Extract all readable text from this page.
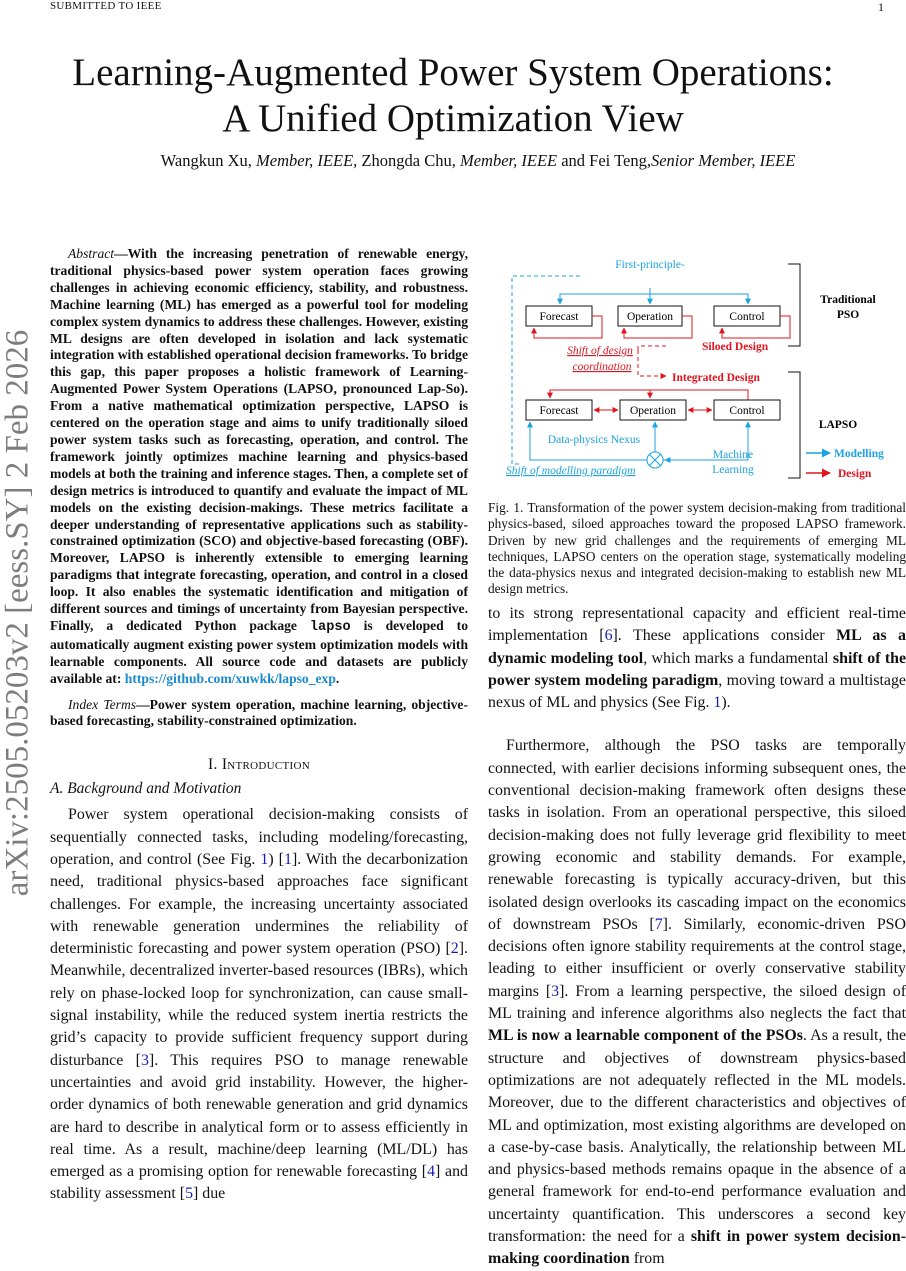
SUBMITTED TO IEEE	1
arXiv:2505.05203v2 [eess.SY] 2 Feb 2026
Learning-Augmented Power System Operations:
A Unified Optimization View
Wangkun Xu, Member, IEEE, Zhongda Chu, Member, IEEE and Fei Teng,Senior Member, IEEE

Abstract—With the increasing penetration of renewable energy, traditional physics-based power system operation faces growing challenges in achieving economic efficiency, stability, and robustness. Machine learning (ML) has emerged as a powerful tool for modeling complex system dynamics to address these challenges. However, existing ML designs are often developed in isolation and lack systematic integration with established operational decision frameworks. To bridge this gap, this paper proposes a holistic framework of Learning-Augmented Power System Operations (LAPSO, pronounced Lap-So). From a native mathematical optimization perspective, LAPSO is centered on the operation stage and aims to unify traditionally siloed power system tasks such as forecasting, operation, and control. The framework jointly optimizes machine learning and physics-based models at both the training and inference stages. Then, a complete set of design metrics is introduced to quantify and evaluate the impact of ML models on the existing decision-makings. These metrics facilitate a deeper understanding of representative applications such as stability-constrained optimization (SCO) and objective-based forecasting (OBF). Moreover, LAPSO is inherently extensible to emerging learning paradigms that integrate forecasting, operation, and control in a closed loop. It also enables the systematic identification and mitigation of different sources and timings of uncertainty from Bayesian perspective. Finally, a dedicated Python package lapso is developed to automatically augment existing power system optimization models with learnable components. All source code and datasets are publicly available at: https://github.com/xuwkk/lapso_exp.

Index Terms—Power system operation, machine learning, objective-based forecasting, stability-constrained optimization.

I. Introduction
A. Background and Motivation

Power system operational decision-making consists of sequentially connected tasks, including modeling/forecasting, operation, and control (See Fig. 1) [1]. With the decarbonization need, traditional physics-based approaches face significant challenges. For example, the increasing uncertainty associated with renewable generation undermines the reliability of deterministic forecasting and power system operation (PSO) [2]. Meanwhile, decentralized inverter-based resources (IBRs), which rely on phase-locked loop for synchronization, can cause small-signal instability, while the reduced system inertia restricts the grid’s capacity to provide sufficient frequency support during disturbance [3]. This requires PSO to manage renewable uncertainties and avoid grid instability. However, the higher-order dynamics of both renewable generation and grid dynamics are hard to describe in analytical form or to assess efficiently in real time. As a result, machine/deep learning (ML/DL) has emerged as a promising option for renewable forecasting [4] and stability assessment [5] due

First-principle-
Forecast	Operation	Control
Traditional
PSO
Shift of design
coordination
Siloed Design
Integrated Design
Forecast	Operation	Control
LAPSO
Data-physics Nexus
Machine
Learning
Shift of modelling paradigm
Modelling
Design

Fig. 1. Transformation of the power system decision-making from traditional physics-based, siloed approaches toward the proposed LAPSO framework. Driven by new grid challenges and the requirements of emerging ML techniques, LAPSO centers on the operation stage, systematically modeling the data-physics nexus and integrated decision-making to establish new ML design metrics.

to its strong representational capacity and efficient real-time implementation [6]. These applications consider ML as a dynamic modeling tool, which marks a fundamental shift of the power system modeling paradigm, moving toward a multistage nexus of ML and physics (See Fig. 1).

Furthermore, although the PSO tasks are temporally connected, with earlier decisions informing subsequent ones, the conventional decision-making framework often designs these tasks in isolation. From an operational perspective, this siloed decision-making does not fully leverage grid flexibility to meet growing economic and stability demands. For example, renewable forecasting is typically accuracy-driven, but this isolated design overlooks its cascading impact on the economics of downstream PSOs [7]. Similarly, economic-driven PSO decisions often ignore stability requirements at the control stage, leading to either insufficient or overly conservative stability margins [3]. From a learning perspective, the siloed design of ML training and inference algorithms also neglects the fact that ML is now a learnable component of the PSOs. As a result, the structure and objectives of downstream physics-based optimizations are not adequately reflected in the ML models. Moreover, due to the different characteristics and objectives of ML and optimization, most existing algorithms are developed on a case-by-case basis. Analytically, the relationship between ML and physics-based methods remains opaque in the absence of a general framework for end-to-end performance evaluation and uncertainty quantification. This underscores a second key transformation: the need for a shift in power system decision-making coordination from
